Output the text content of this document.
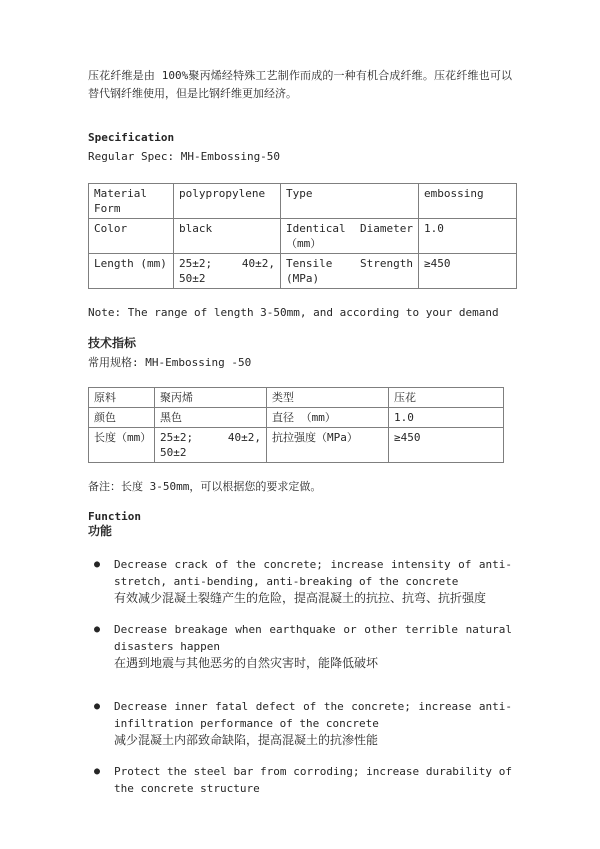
压花纤维是由 100%聚丙烯经特殊工艺制作而成的一种有机合成纤维。压花纤维也可以替代钢纤维使用，但是比钢纤维更加经济。

Specification
Regular Spec: MH-Embossing-50
Material Form	polypropylene	Type	embossing
Color	black	Identical Diameter （mm）	1.0
Length (mm)	25±2; 40±2, 50±2	Tensile Strength (MPa)	≥450
Note: The range of length 3-50mm, and according to your demand
技术指标
常用规格: MH-Embossing -50
原料	聚丙烯	类型	压花
颜色	黑色	直径 （mm）	1.0
长度（mm）	25±2; 40±2, 50±2	抗拉强度（MPa）	≥450
备注：长度 3-50mm，可以根据您的要求定做。
Function
功能
● Decrease crack of the concrete; increase intensity of anti-stretch, anti-bending, anti-breaking of the concrete
有效减少混凝土裂缝产生的危险，提高混凝土的抗拉、抗弯、抗折强度
● Decrease breakage when earthquake or other terrible natural disasters happen
在遇到地震与其他恶劣的自然灾害时，能降低破坏
● Decrease inner fatal defect of the concrete; increase anti-infiltration performance of the concrete
减少混凝土内部致命缺陷，提高混凝土的抗渗性能
● Protect the steel bar from corroding; increase durability of the concrete structure
